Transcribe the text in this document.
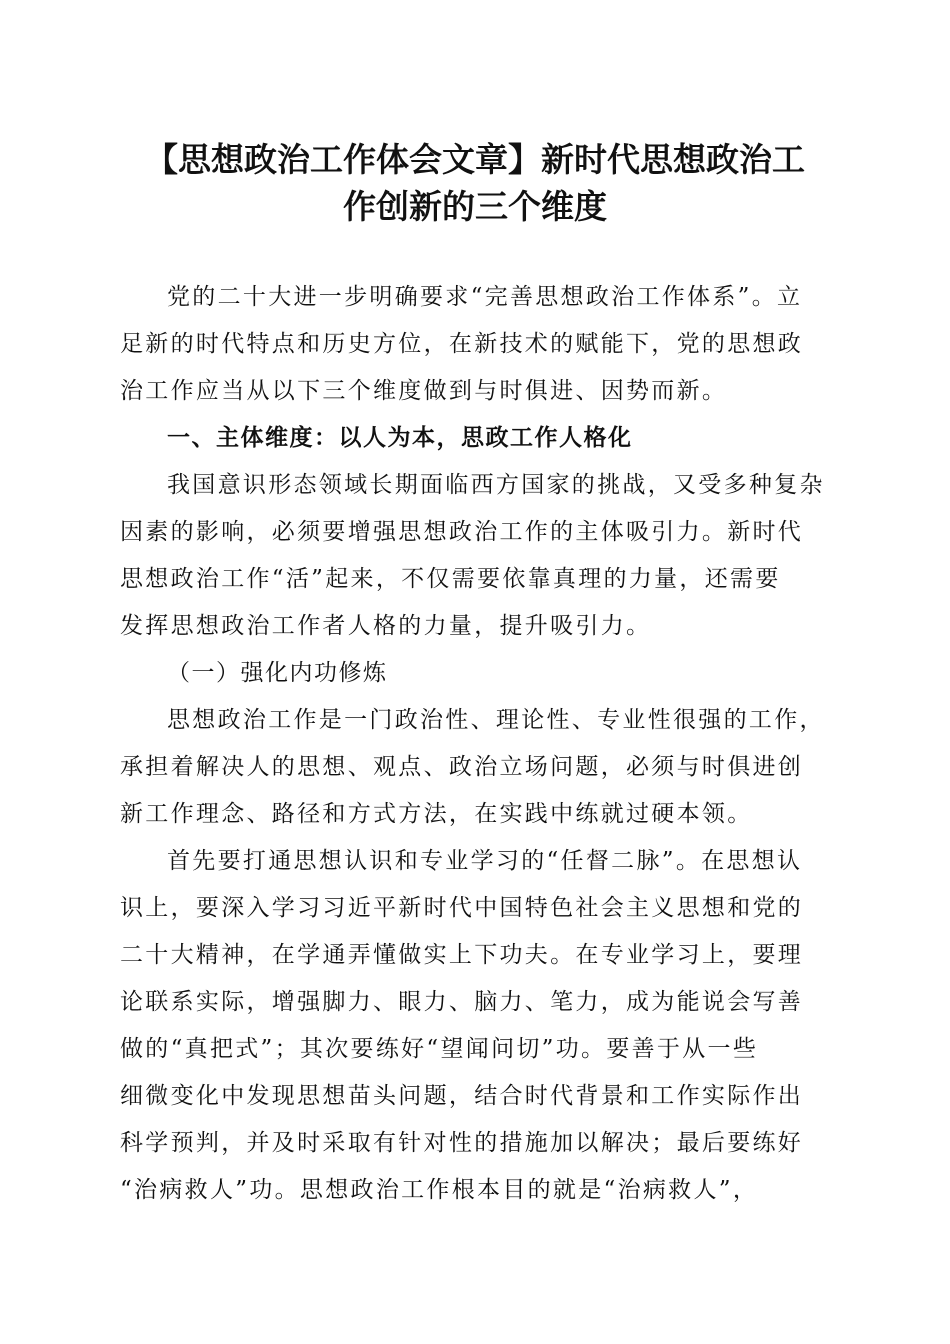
【思想政治工作体会文章】新时代思想政治工
作创新的三个维度
党的二十大进一步明确要求“完善思想政治工作体系”。立
足新的时代特点和历史方位，在新技术的赋能下，党的思想政
治工作应当从以下三个维度做到与时俱进、因势而新。
一、主体维度：以人为本，思政工作人格化
我国意识形态领域长期面临西方国家的挑战，又受多种复杂
因素的影响，必须要增强思想政治工作的主体吸引力。新时代
思想政治工作“活”起来，不仅需要依靠真理的力量，还需要
发挥思想政治工作者人格的力量，提升吸引力。
（一）强化内功修炼
思想政治工作是一门政治性、理论性、专业性很强的工作，
承担着解决人的思想、观点、政治立场问题，必须与时俱进创
新工作理念、路径和方式方法，在实践中练就过硬本领。
首先要打通思想认识和专业学习的“任督二脉”。在思想认
识上，要深入学习习近平新时代中国特色社会主义思想和党的
二十大精神，在学通弄懂做实上下功夫。在专业学习上，要理
论联系实际，增强脚力、眼力、脑力、笔力，成为能说会写善
做的“真把式”；其次要练好“望闻问切”功。要善于从一些
细微变化中发现思想苗头问题，结合时代背景和工作实际作出
科学预判，并及时采取有针对性的措施加以解决；最后要练好
“治病救人”功。思想政治工作根本目的就是“治病救人”，
